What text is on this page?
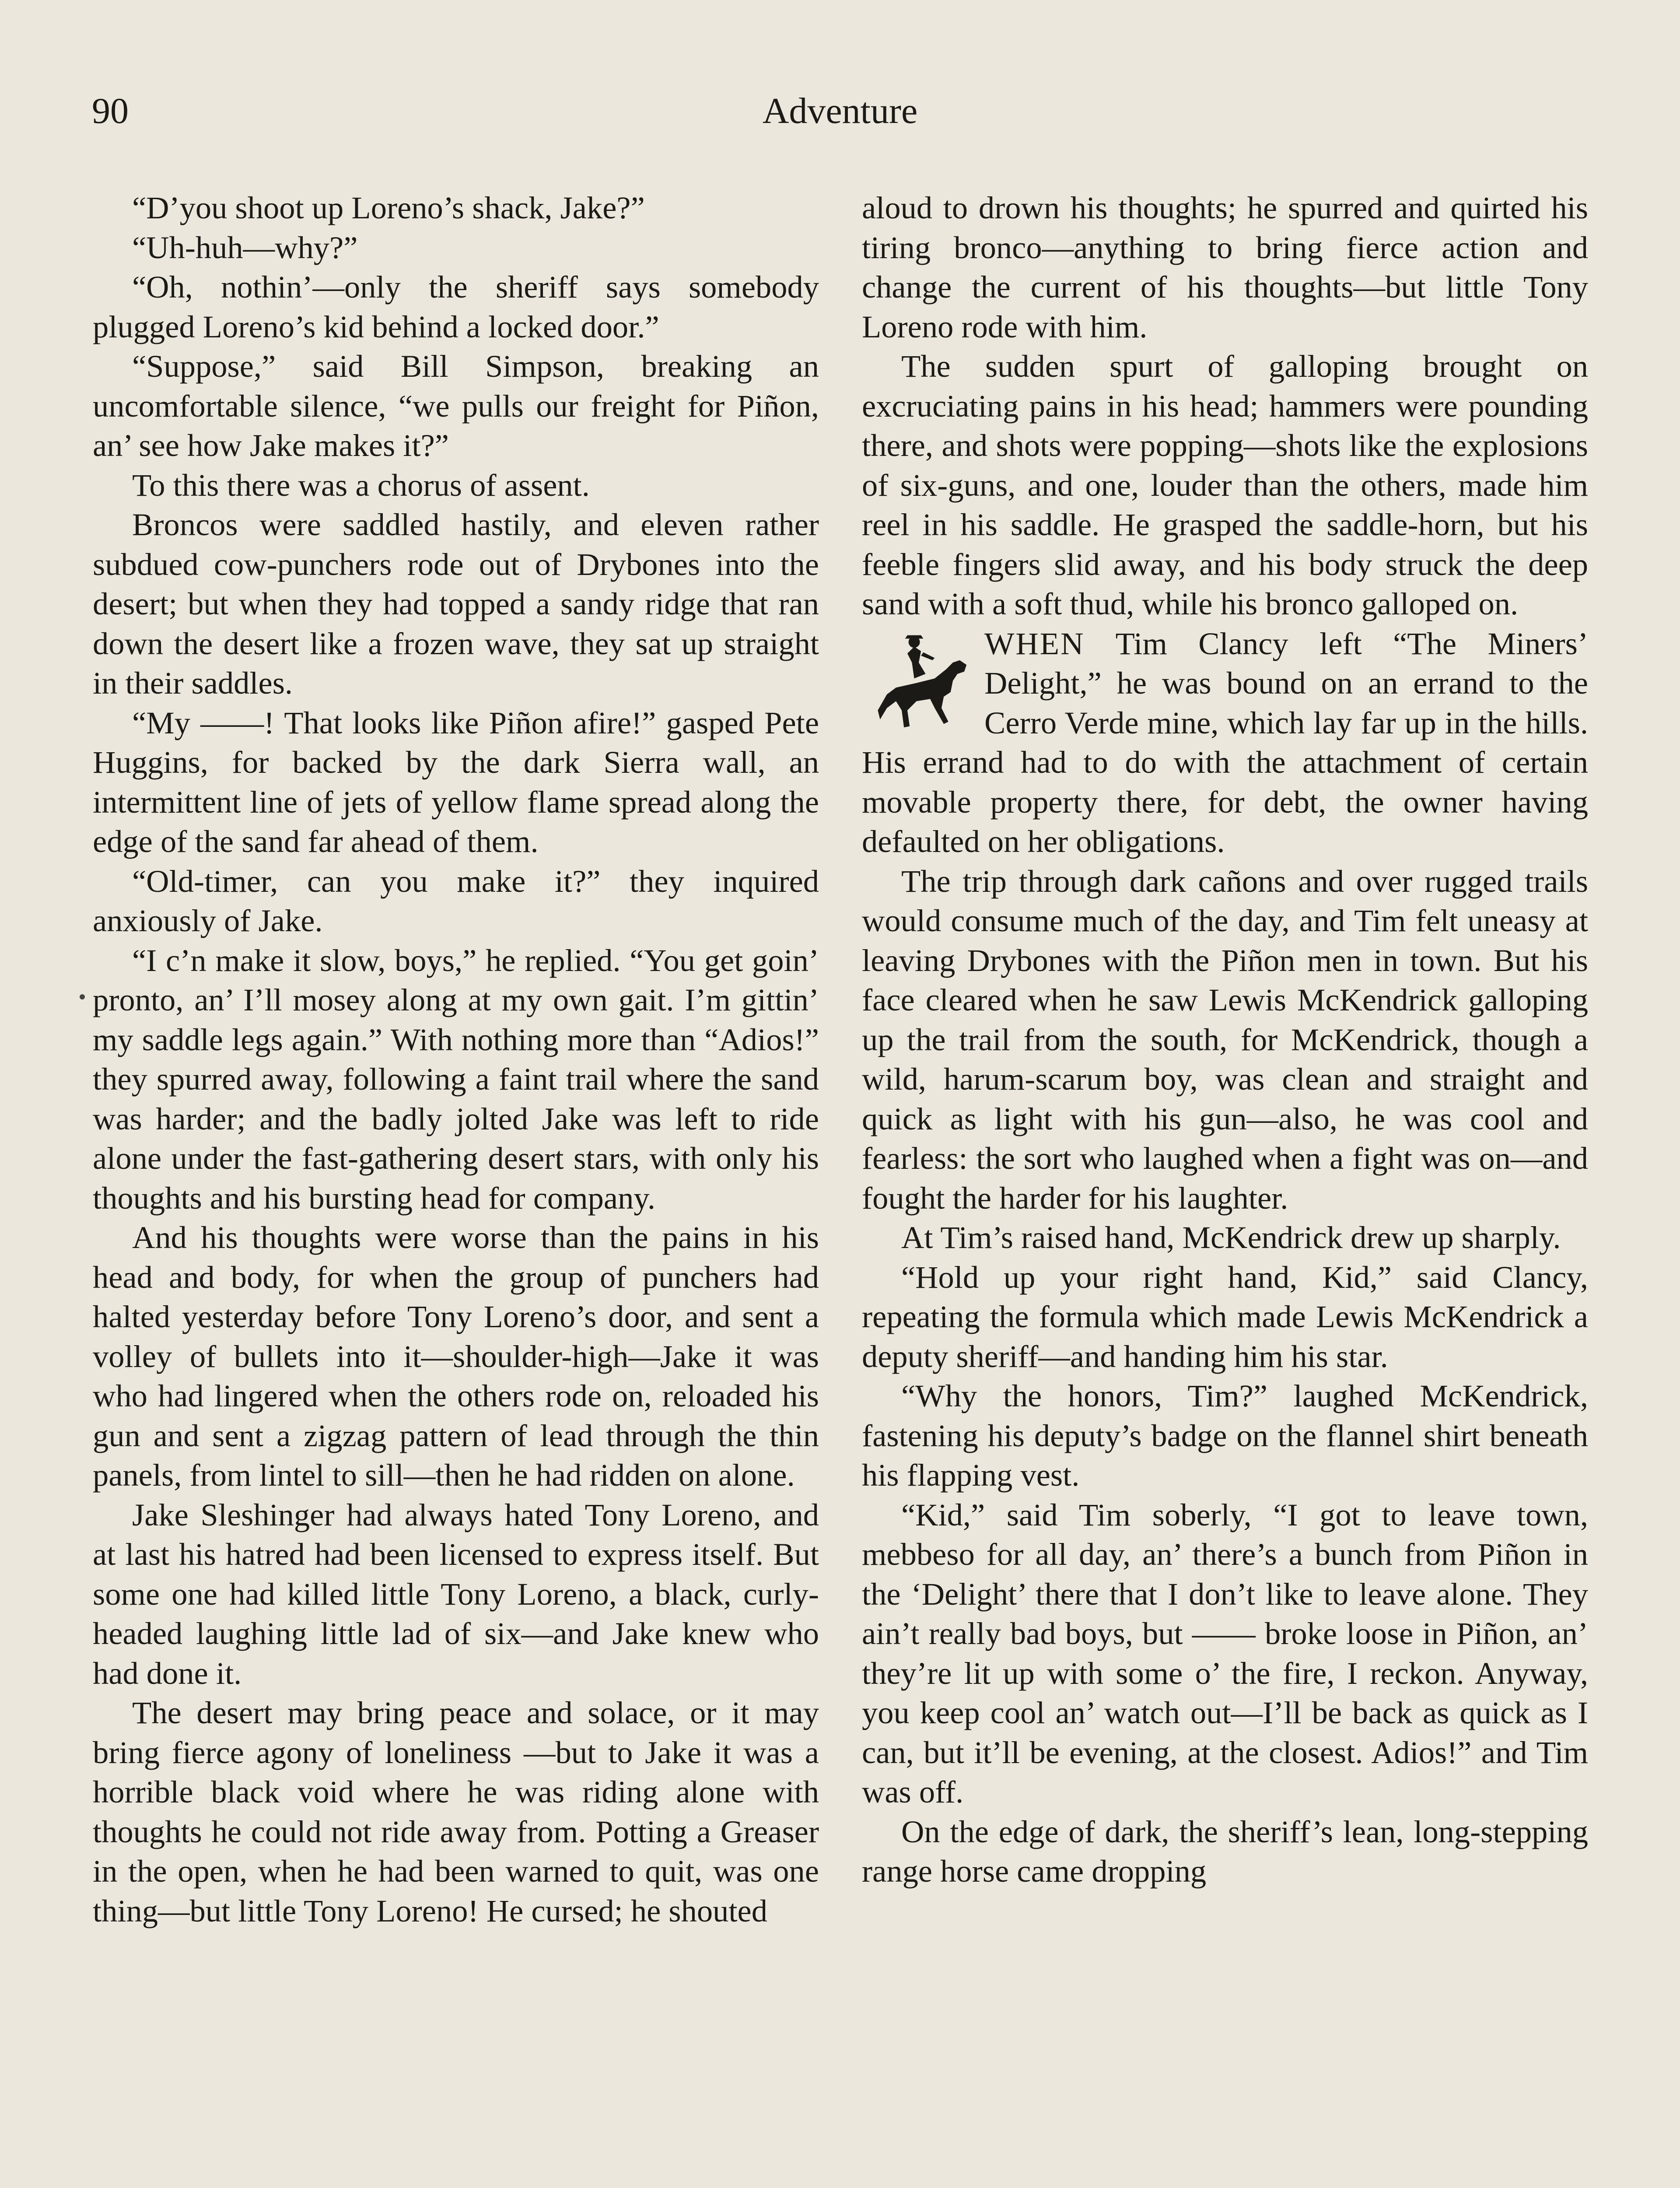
90	Adventure

“D’you shoot up Loreno’s shack, Jake?”

“Uh-huh—why?”

“Oh, nothin’—only the sheriff says somebody plugged Loreno’s kid behind a locked door.”

“Suppose,” said Bill Simpson, breaking an uncomfortable silence, “we pulls our freight for Piñon, an’ see how Jake makes it?”

To this there was a chorus of assent.

Broncos were saddled hastily, and eleven rather subdued cow-punchers rode out of Drybones into the desert; but when they had topped a sandy ridge that ran down the desert like a frozen wave, they sat up straight in their saddles.

“My ——! That looks like Piñon afire!” gasped Pete Huggins, for backed by the dark Sierra wall, an intermittent line of jets of yellow flame spread along the edge of the sand far ahead of them.

“Old-timer, can you make it?” they inquired anxiously of Jake.

“I c’n make it slow, boys,” he replied. “You get goin’ pronto, an’ I’ll mosey along at my own gait. I’m gittin’ my saddle legs again.” With nothing more than “Adios!” they spurred away, following a faint trail where the sand was harder; and the badly jolted Jake was left to ride alone under the fast-gathering desert stars, with only his thoughts and his bursting head for company.

And his thoughts were worse than the pains in his head and body, for when the group of punchers had halted yesterday before Tony Loreno’s door, and sent a volley of bullets into it—shoulder-high—Jake it was who had lingered when the others rode on, reloaded his gun and sent a zigzag pattern of lead through the thin panels, from lintel to sill—then he had ridden on alone.

Jake Sleshinger had always hated Tony Loreno, and at last his hatred had been licensed to express itself. But some one had killed little Tony Loreno, a black, curly-headed laughing little lad of six—and Jake knew who had done it.

The desert may bring peace and solace, or it may bring fierce agony of loneliness —but to Jake it was a horrible black void where he was riding alone with thoughts he could not ride away from. Potting a Greaser in the open, when he had been warned to quit, was one thing—but little Tony Loreno! He cursed; he shouted

aloud to drown his thoughts; he spurred and quirted his tiring bronco—anything to bring fierce action and change the current of his thoughts—but little Tony Loreno rode with him.

The sudden spurt of galloping brought on excruciating pains in his head; hammers were pounding there, and shots were popping—shots like the explosions of six-guns, and one, louder than the others, made him reel in his saddle. He grasped the saddle-horn, but his feeble fingers slid away, and his body struck the deep sand with a soft thud, while his bronco galloped on.

WHEN Tim Clancy left “The Miners’ Delight,” he was bound on an errand to the Cerro Verde mine, which lay far up in the hills. His errand had to do with the attachment of certain movable property there, for debt, the owner having defaulted on her obligations.

The trip through dark cañons and over rugged trails would consume much of the day, and Tim felt uneasy at leaving Drybones with the Piñon men in town. But his face cleared when he saw Lewis McKendrick galloping up the trail from the south, for McKendrick, though a wild, harum-scarum boy, was clean and straight and quick as light with his gun—also, he was cool and fearless: the sort who laughed when a fight was on—and fought the harder for his laughter.

At Tim’s raised hand, McKendrick drew up sharply.

“Hold up your right hand, Kid,” said Clancy, repeating the formula which made Lewis McKendrick a deputy sheriff—and handing him his star.

“Why the honors, Tim?” laughed McKendrick, fastening his deputy’s badge on the flannel shirt beneath his flapping vest.

“Kid,” said Tim soberly, “I got to leave town, mebbeso for all day, an’ there’s a bunch from Piñon in the ‘Delight’ there that I don’t like to leave alone. They ain’t really bad boys, but —— broke loose in Piñon, an’ they’re lit up with some o’ the fire, I reckon. Anyway, you keep cool an’ watch out—I’ll be back as quick as I can, but it’ll be evening, at the closest. Adios!” and Tim was off.

On the edge of dark, the sheriff’s lean, long-stepping range horse came dropping
